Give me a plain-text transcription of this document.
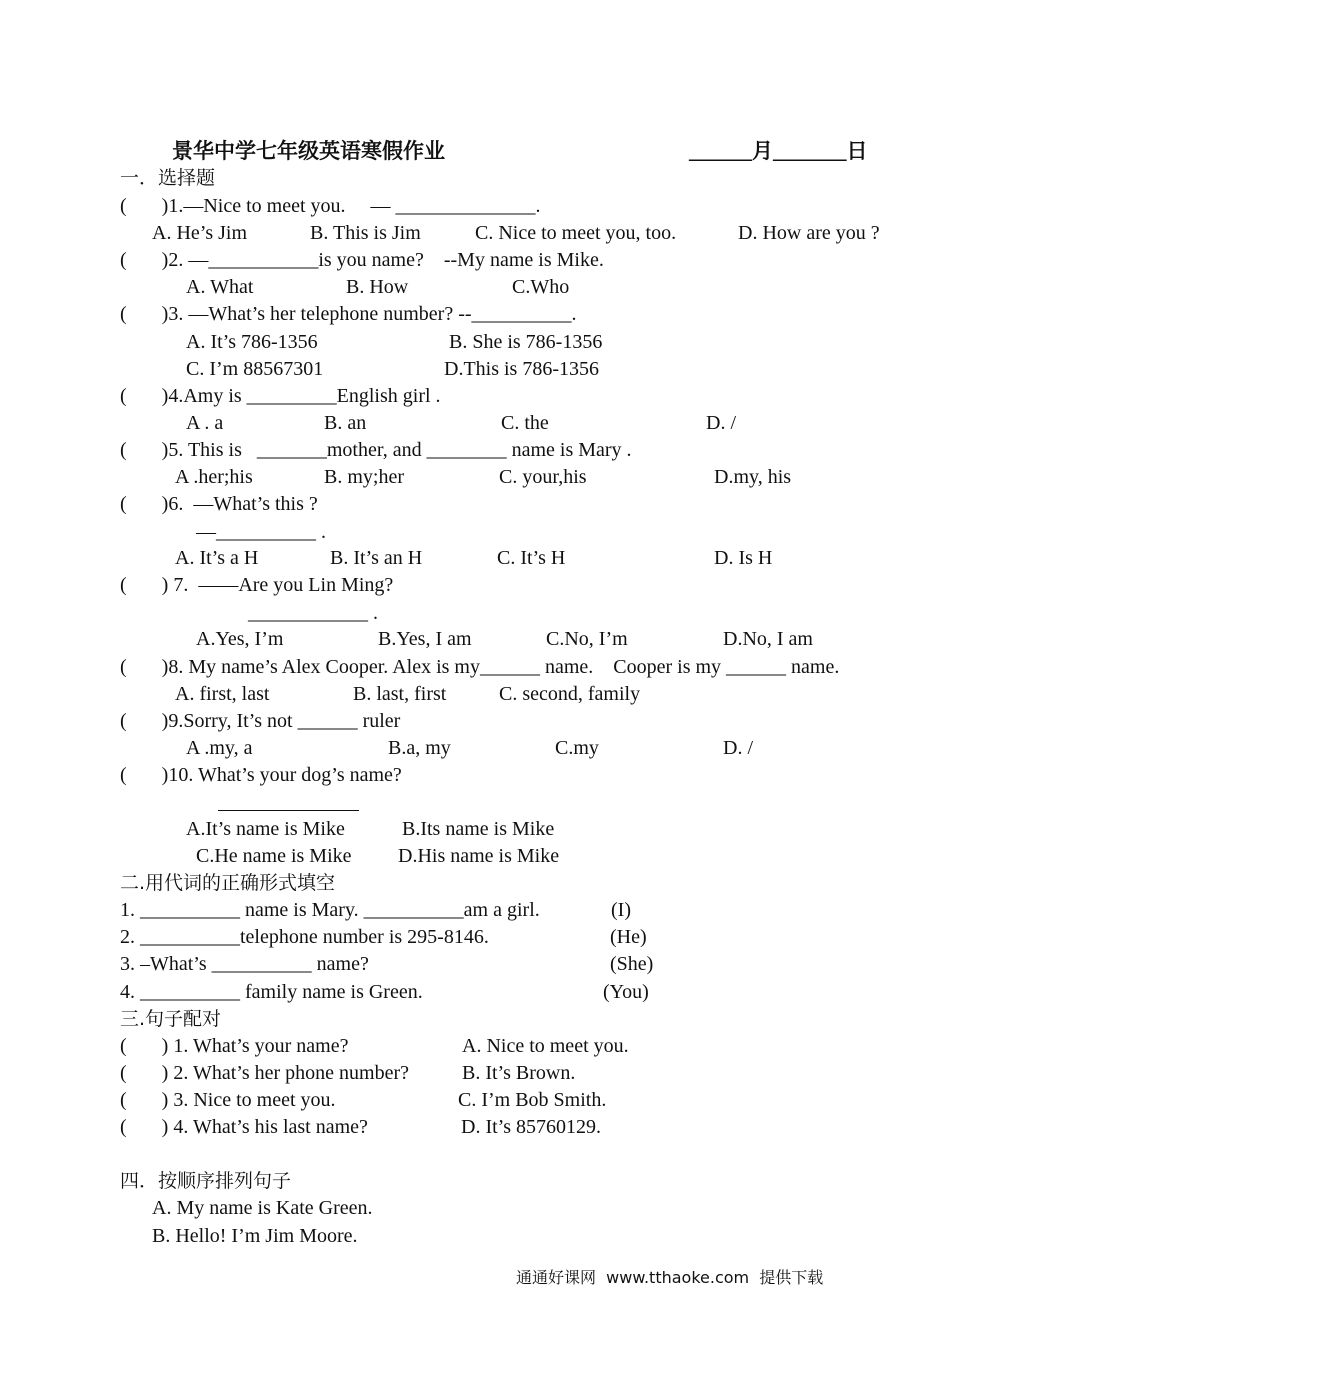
景华中学七年级英语寒假作业	______月_______日
一．选择题
(       )1.—Nice to meet you.     — ______________.
A. He’s Jim	B. This is Jim	C. Nice to meet you, too.	D. How are you ?
(       )2. —___________is you name?    --My name is Mike.
A. What	B. How	C.Who
(       )3. —What’s her telephone number? --__________.
A. It’s 786-1356	B. She is 786-1356
C. I’m 88567301	D.This is 786-1356
(       )4.Amy is _________English girl .
A . a	B. an	C. the	D. /
(       )5. This is   _______mother, and ________ name is Mary .
A .her;his	B. my;her	C. your,his	D.my, his
(       )6.  —What’s this ?
—__________ .
A. It’s a H	B. It’s an H	C. It’s H	D. Is H
(       ) 7.  ——Are you Lin Ming?
____________ .
A.Yes, I’m	B.Yes, I am	C.No, I’m	D.No, I am
(       )8. My name’s Alex Cooper. Alex is my______ name.    Cooper is my ______ name.
A. first, last	B. last, first	C. second, family
(       )9.Sorry, It’s not ______ ruler
A .my, a	B.a, my	C.my	D. /
(       )10. What’s your dog’s name?
A.It’s name is Mike	B.Its name is Mike
C.He name is Mike D.His name is Mike
二.用代词的正确形式填空
1. __________ name is Mary. __________am a girl.	(I)
2. __________telephone number is 295-8146.	(He)
3. –What’s __________ name?	(She)
4. __________ family name is Green.	(You)
三.句子配对
(       ) 1. What’s your name?	A. Nice to meet you.
(       ) 2. What’s her phone number?	B. It’s Brown.
(       ) 3. Nice to meet you.	C. I’m Bob Smith.
(       ) 4. What’s his last name?	D. It’s 85760129.
四．按顺序排列句子
A. My name is Kate Green.
B. Hello! I’m Jim Moore.
通通好课网  www.tthaoke.com  提供下载
